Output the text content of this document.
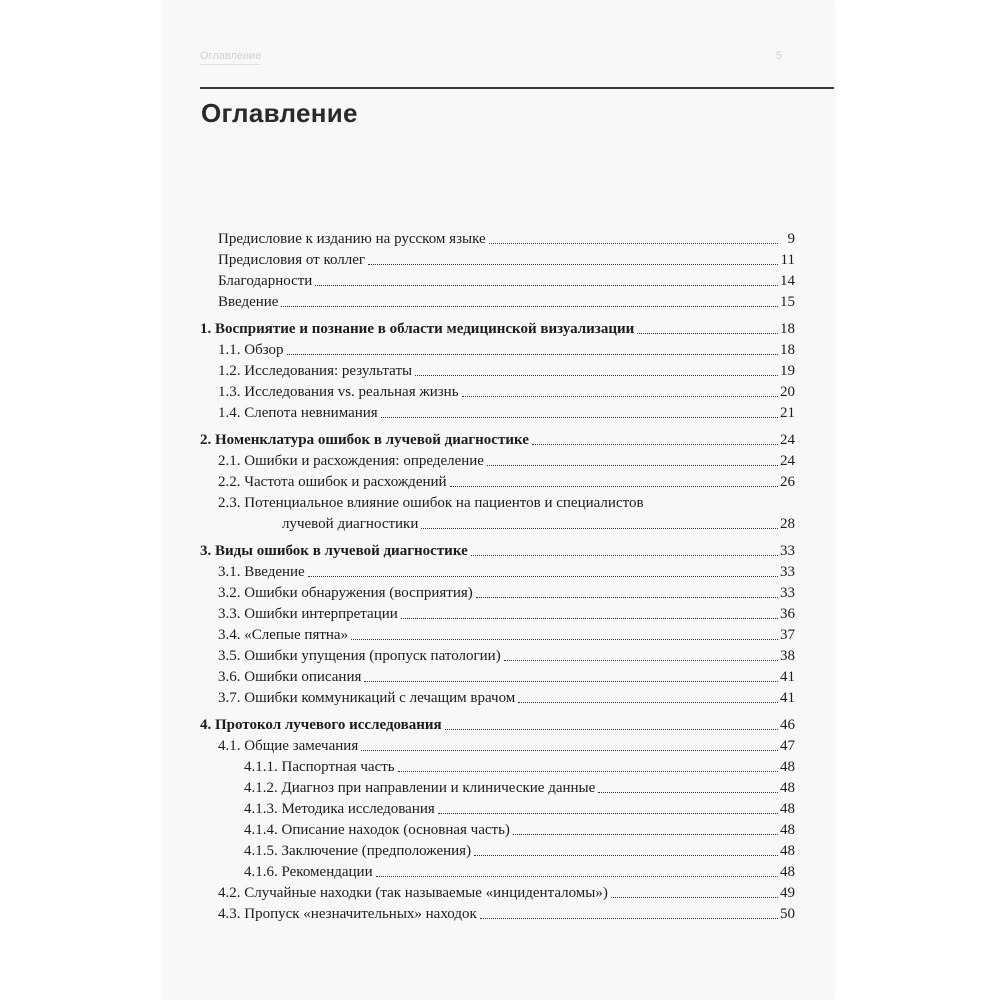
Оглавление	5
Оглавление
Предисловие к изданию на русском языке	9
Предисловия от коллег	11
Благодарности	14
Введение	15
1. Восприятие и познание в области медицинской визуализации	18
1.1. Обзор	18
1.2. Исследования: результаты	19
1.3. Исследования vs. реальная жизнь	20
1.4. Слепота невнимания	21
2. Номенклатура ошибок в лучевой диагностике	24
2.1. Ошибки и расхождения: определение	24
2.2. Частота ошибок и расхождений	26
2.3. Потенциальное влияние ошибок на пациентов и специалистов
лучевой диагностики	28
3. Виды ошибок в лучевой диагностике	33
3.1. Введение	33
3.2. Ошибки обнаружения (восприятия)	33
3.3. Ошибки интерпретации	36
3.4. «Слепые пятна»	37
3.5. Ошибки упущения (пропуск патологии)	38
3.6. Ошибки описания	41
3.7. Ошибки коммуникаций с лечащим врачом	41
4. Протокол лучевого исследования	46
4.1. Общие замечания	47
4.1.1. Паспортная часть	48
4.1.2. Диагноз при направлении и клинические данные	48
4.1.3. Методика исследования	48
4.1.4. Описание находок (основная часть)	48
4.1.5. Заключение (предположения)	48
4.1.6. Рекомендации	48
4.2. Случайные находки (так называемые «инциденталомы»)	49
4.3. Пропуск «незначительных» находок	50
